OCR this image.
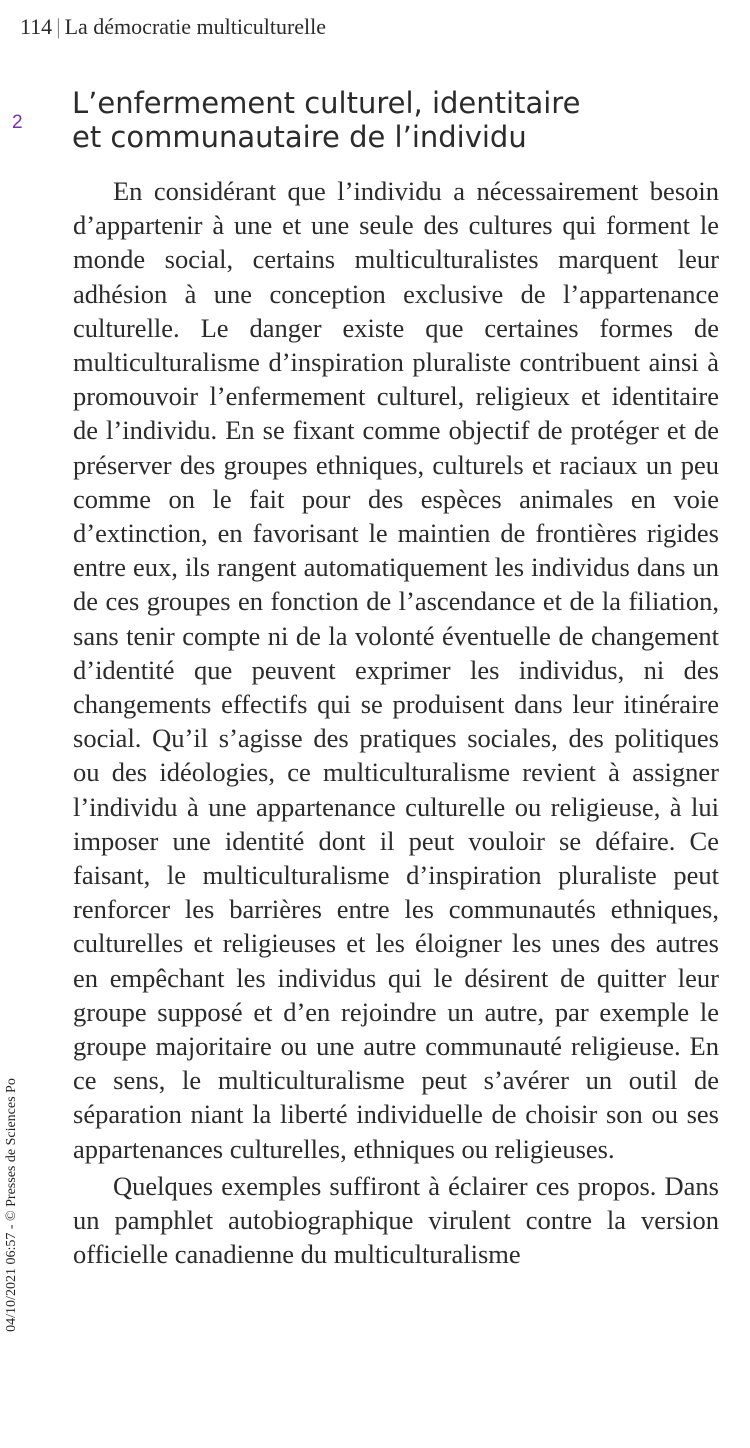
114 | La démocratie multiculturelle
2
L’enfermement culturel, identitaire
et communautaire de l’individu

En considérant que l’individu a nécessairement besoin d’appartenir à une et une seule des cultures qui forment le monde social, certains multiculturalistes marquent leur adhésion à une conception exclusive de l’appartenance culturelle. Le danger existe que certaines formes de multiculturalisme d’inspiration pluraliste contribuent ainsi à promouvoir l’enfermement culturel, religieux et identitaire de l’individu. En se fixant comme objectif de protéger et de préserver des groupes ethniques, culturels et raciaux un peu comme on le fait pour des espèces animales en voie d’extinction, en favorisant le maintien de frontières rigides entre eux, ils rangent automatiquement les individus dans un de ces groupes en fonction de l’ascendance et de la filiation, sans tenir compte ni de la volonté éventuelle de changement d’identité que peuvent exprimer les individus, ni des changements effectifs qui se produisent dans leur itinéraire social. Qu’il s’agisse des pratiques sociales, des politiques ou des idéologies, ce multiculturalisme revient à assigner l’individu à une appartenance culturelle ou religieuse, à lui imposer une identité dont il peut vouloir se défaire. Ce faisant, le multiculturalisme d’inspiration pluraliste peut renforcer les barrières entre les communautés ethniques, culturelles et religieuses et les éloigner les unes des autres en empêchant les individus qui le désirent de quitter leur groupe supposé et d’en rejoindre un autre, par exemple le groupe majoritaire ou une autre communauté religieuse. En ce sens, le multiculturalisme peut s’avérer un outil de séparation niant la liberté individuelle de choisir son ou ses appartenances culturelles, ethniques ou religieuses.

Quelques exemples suffiront à éclairer ces propos. Dans un pamphlet autobiographique virulent contre la version officielle canadienne du multiculturalisme

04/10/2021 06:57 - © Presses de Sciences Po
